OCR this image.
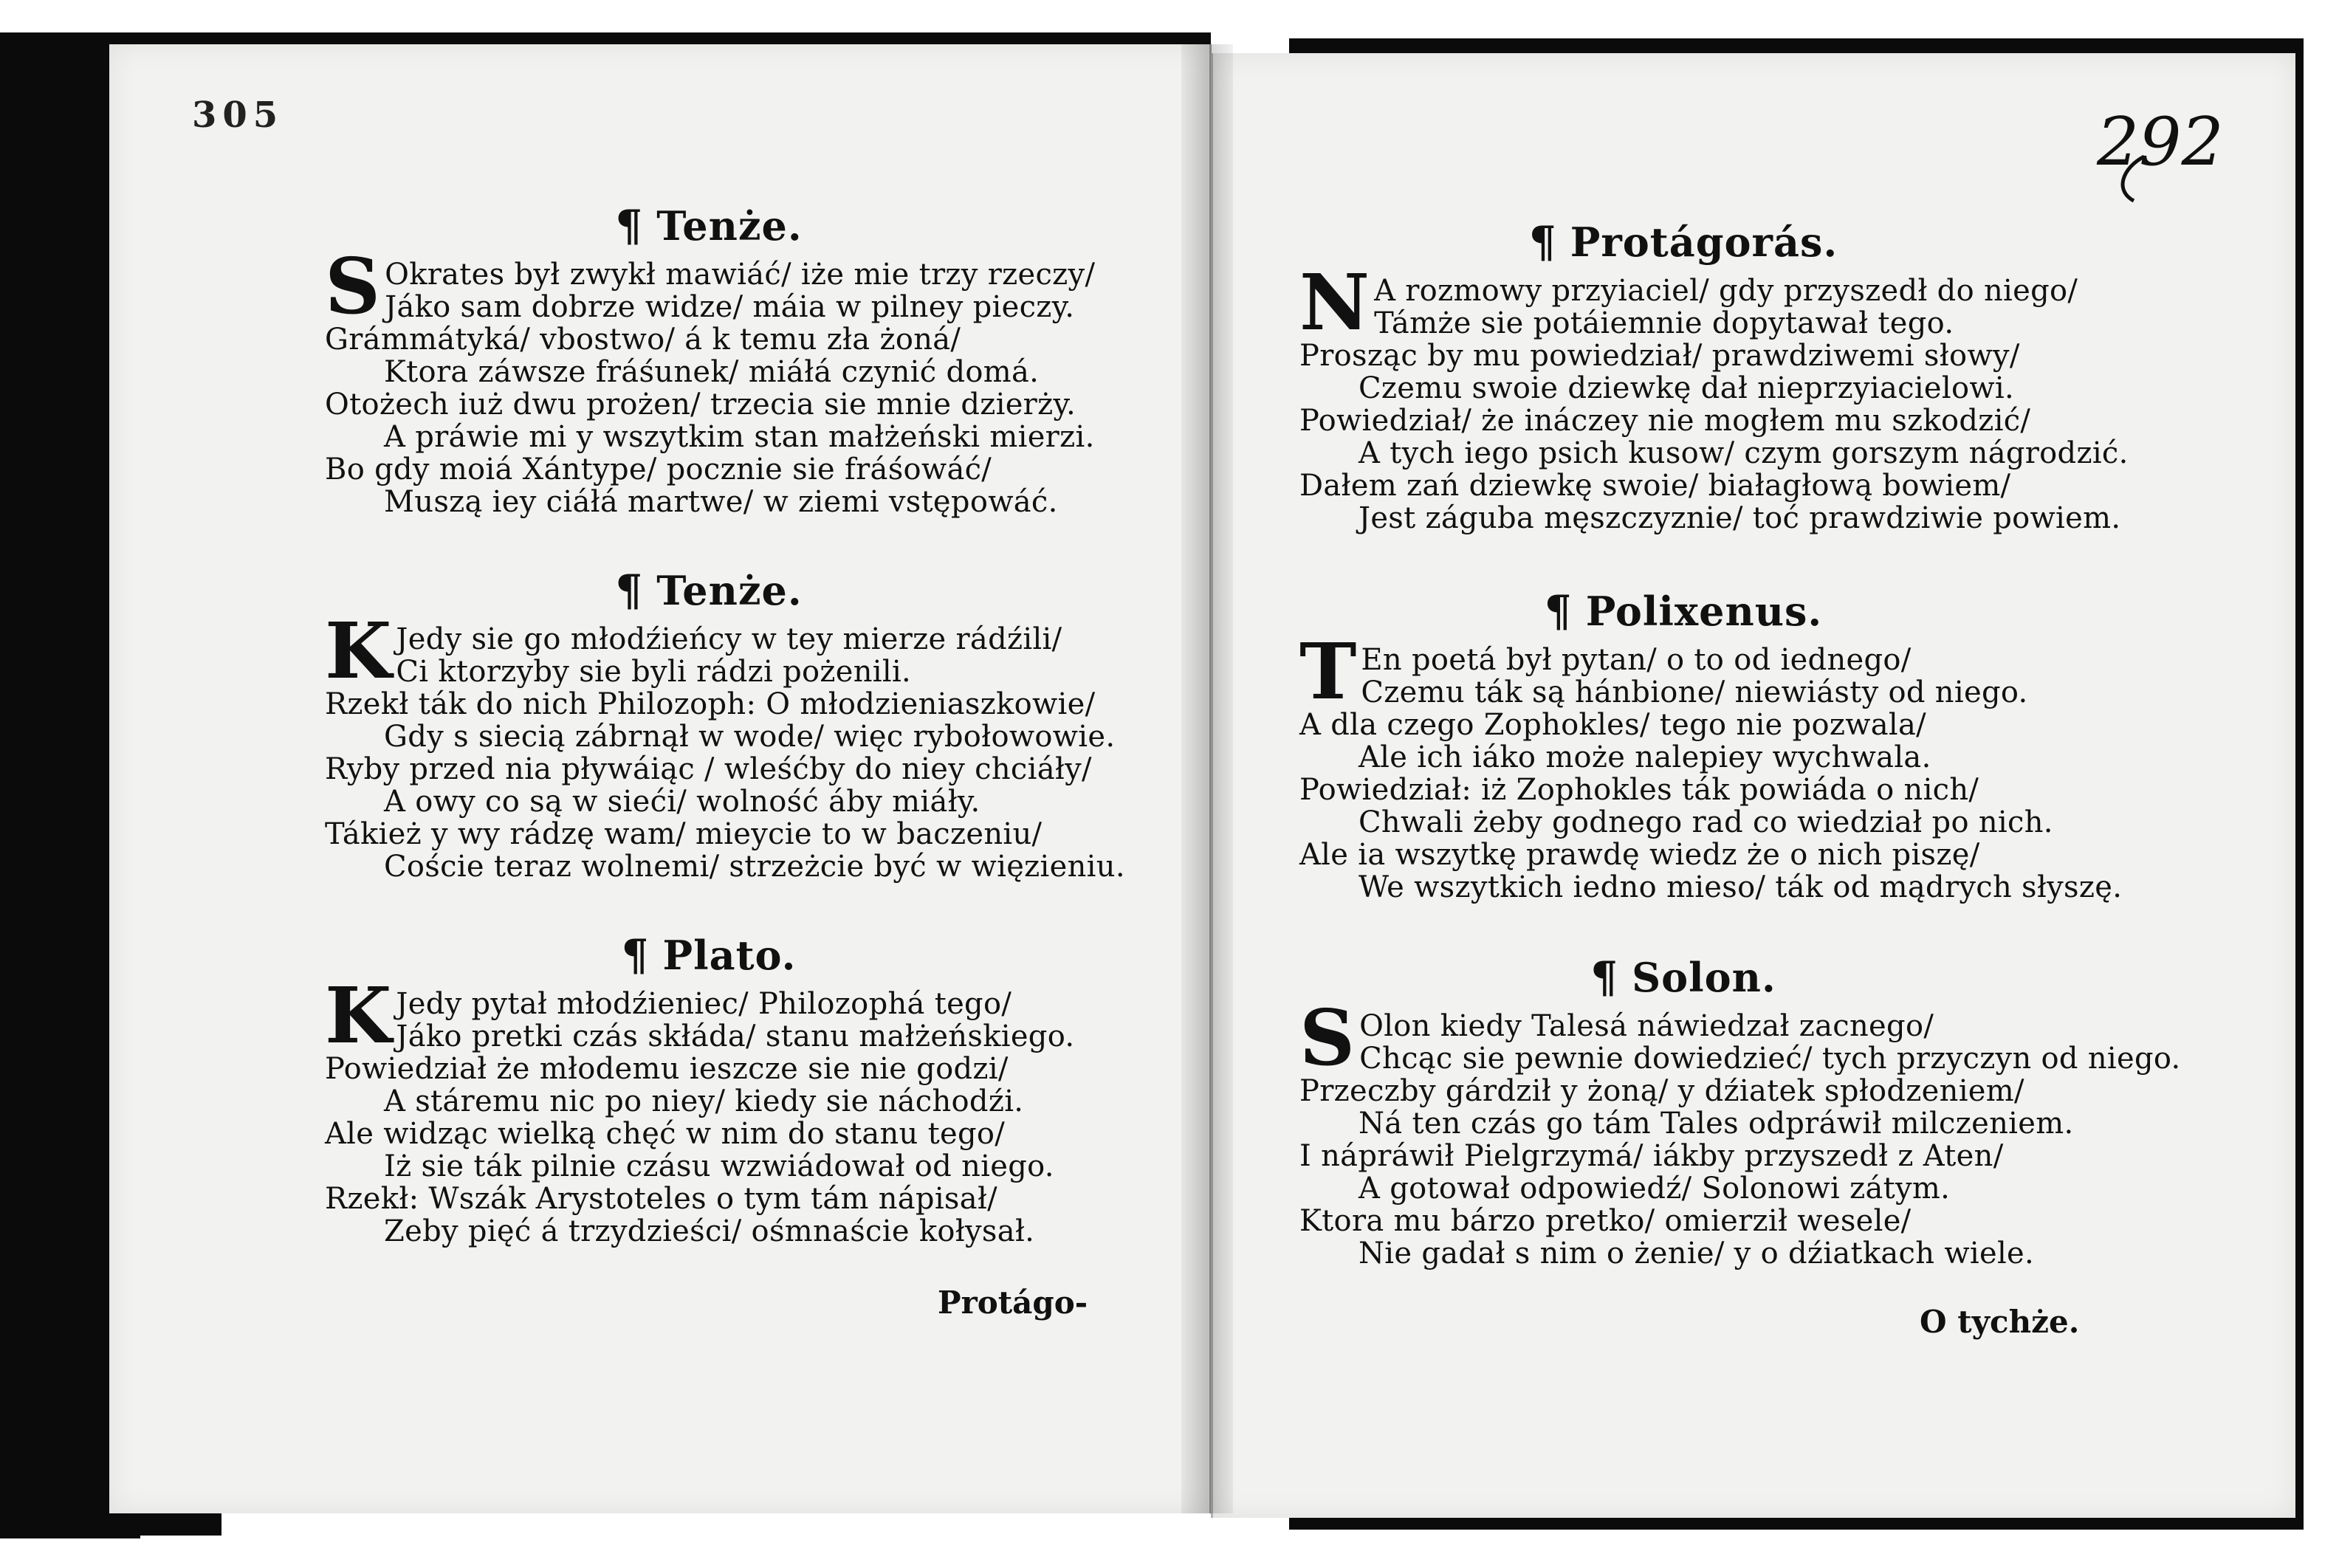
305	292
¶ Tenże.
S Okrates był zwykł mawiáć/ iże mie trzy rzeczy/
Jáko sam dobrze widze/ máia w pilney pieczy.
Grámmátyká/ vbostwo/ á k temu zła żoná/
Ktora záwsze fráśunek/ miáłá czynić domá.
Otożech iuż dwu prożen/ trzecia sie mnie dzierży.
A práwie mi y wszytkim stan małżeński mierzi.
Bo gdy moiá Xántype/ pocznie sie fráśowáć/
Muszą iey ciáłá martwe/ w ziemi vstępowáć.
¶ Tenże.
K Jedy sie go młodźieńcy w tey mierze rádźili/
Ci ktorzyby sie byli rádzi pożenili.
Rzekł ták do nich Philozoph: O młodzieniaszkowie/
Gdy s siecią zábrnął w wode/ więc rybołowowie.
Ryby przed nia pływáiąc / wleśćby do niey chciáły/
A owy co są w sieći/ wolność áby miáły.
Tákież y wy rádzę wam/ mieycie to w baczeniu/
Coście teraz wolnemi/ strzeżcie być w więzieniu.
¶ Plato.
K Jedy pytał młodźieniec/ Philozophá tego/
Jáko pretki czás skłáda/ stanu małżeńskiego.
Powiedział że młodemu ieszcze sie nie godzi/
A stáremu nic po niey/ kiedy sie náchodźi.
Ale widząc wielką chęć w nim do stanu tego/
Iż sie ták pilnie czásu wzwiádował od niego.
Rzekł: Wszák Arystoteles o tym tám nápisał/
Zeby pięć á trzydzieści/ ośmnaście kołysał.
Protágo-
¶ Protágorás.
N A rozmowy przyiaciel/ gdy przyszedł do niego/
Támże sie potáiemnie dopytawał tego.
Prosząc by mu powiedział/ prawdziwemi słowy/
Czemu swoie dziewkę dał nieprzyiacielowi.
Powiedział/ że ináczey nie mogłem mu szkodzić/
A tych iego psich kusow/ czym gorszym nágrodzić.
Dałem zań dziewkę swoie/ białagłową bowiem/
Jest záguba męszczyznie/ toć prawdziwie powiem.
¶ Polixenus.
T En poetá był pytan/ o to od iednego/
Czemu ták są hánbione/ niewiásty od niego.
A dla czego Zophokles/ tego nie pozwala/
Ale ich iáko może nalepiey wychwala.
Powiedział: iż Zophokles ták powiáda o nich/
Chwali żeby godnego rad co wiedział po nich.
Ale ia wszytkę prawdę wiedz że o nich piszę/
We wszytkich iedno mieso/ ták od mądrych słyszę.
¶ Solon.
S Olon kiedy Talesá náwiedzał zacnego/
Chcąc sie pewnie dowiedzieć/ tych przyczyn od niego.
Przeczby gárdził y żoną/ y dźiatek spłodzeniem/
Ná ten czás go tám Tales odpráwił milczeniem.
I nápráwił Pielgrzymá/ iákby przyszedł z Aten/
A gotował odpowiedź/ Solonowi zátym.
Ktora mu bárzo pretko/ omierził wesele/
Nie gadał s nim o żenie/ y o dźiatkach wiele.
O tychże.
